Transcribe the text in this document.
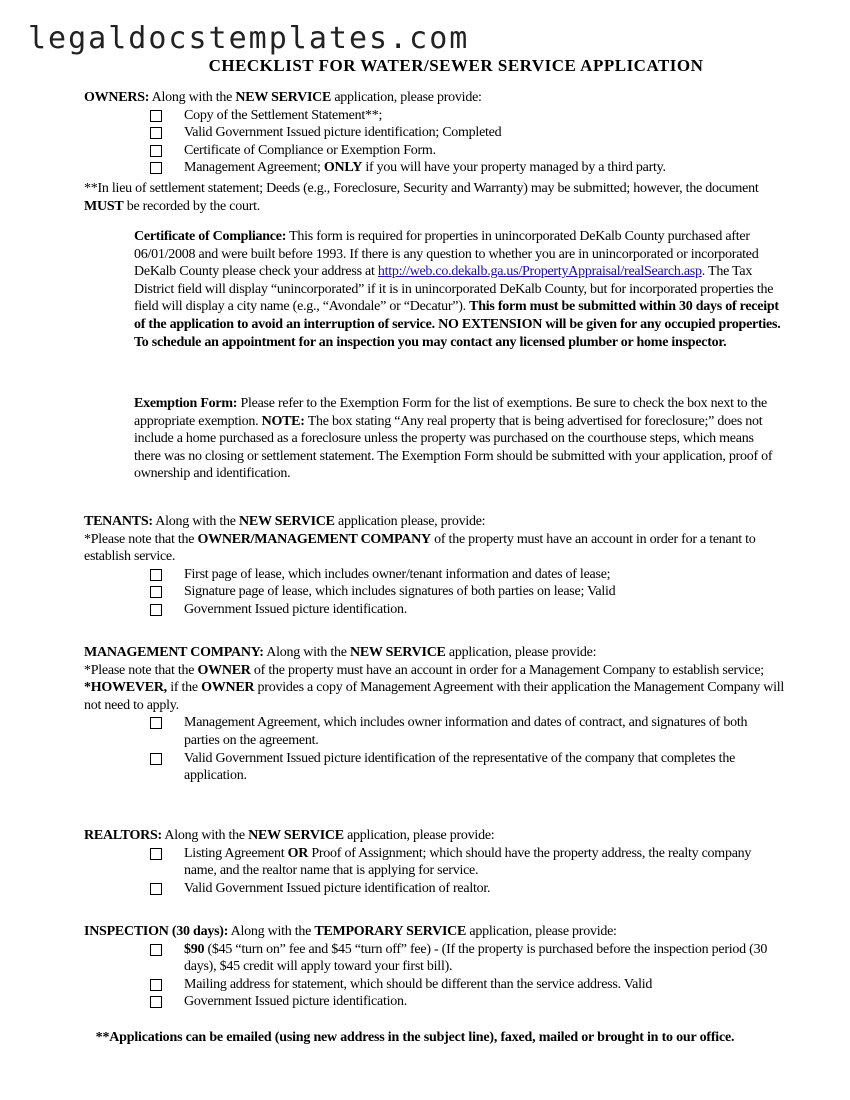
legaldocstemplates.com
CHECKLIST FOR WATER/SEWER SERVICE APPLICATION
OWNERS: Along with the NEW SERVICE application, please provide:
Copy of the Settlement Statement**;
Valid Government Issued picture identification; Completed
Certificate of Compliance or Exemption Form.
Management Agreement; ONLY if you will have your property managed by a third party.
**In lieu of settlement statement; Deeds (e.g., Foreclosure, Security and Warranty) may be submitted; however, the document MUST be recorded by the court.
Certificate of Compliance: This form is required for properties in unincorporated DeKalb County purchased after 06/01/2008 and were built before 1993. If there is any question to whether you are in unincorporated or incorporated DeKalb County please check your address at http://web.co.dekalb.ga.us/PropertyAppraisal/realSearch.asp. The Tax District field will display “unincorporated” if it is in unincorporated DeKalb County, but for incorporated properties the field will display a city name (e.g., “Avondale” or “Decatur”). This form must be submitted within 30 days of receipt of the application to avoid an interruption of service. NO EXTENSION will be given for any occupied properties. To schedule an appointment for an inspection you may contact any licensed plumber or home inspector.
Exemption Form: Please refer to the Exemption Form for the list of exemptions. Be sure to check the box next to the appropriate exemption. NOTE: The box stating “Any real property that is being advertised for foreclosure;” does not include a home purchased as a foreclosure unless the property was purchased on the courthouse steps, which means there was no closing or settlement statement. The Exemption Form should be submitted with your application, proof of ownership and identification.
TENANTS: Along with the NEW SERVICE application please, provide:
*Please note that the OWNER/MANAGEMENT COMPANY of the property must have an account in order for a tenant to establish service.
First page of lease, which includes owner/tenant information and dates of lease;
Signature page of lease, which includes signatures of both parties on lease; Valid
Government Issued picture identification.
MANAGEMENT COMPANY: Along with the NEW SERVICE application, please provide:
*Please note that the OWNER of the property must have an account in order for a Management Company to establish service;
*HOWEVER, if the OWNER provides a copy of Management Agreement with their application the Management Company will not need to apply.
Management Agreement, which includes owner information and dates of contract, and signatures of both parties on the agreement.
Valid Government Issued picture identification of the representative of the company that completes the application.
REALTORS: Along with the NEW SERVICE application, please provide:
Listing Agreement OR Proof of Assignment; which should have the property address, the realty company name, and the realtor name that is applying for service.
Valid Government Issued picture identification of realtor.
INSPECTION (30 days): Along with the TEMPORARY SERVICE application, please provide:
$90 ($45 “turn on” fee and $45 “turn off” fee) - (If the property is purchased before the inspection period (30 days), $45 credit will apply toward your first bill).
Mailing address for statement, which should be different than the service address. Valid
Government Issued picture identification.
**Applications can be emailed (using new address in the subject line), faxed, mailed or brought in to our office.
